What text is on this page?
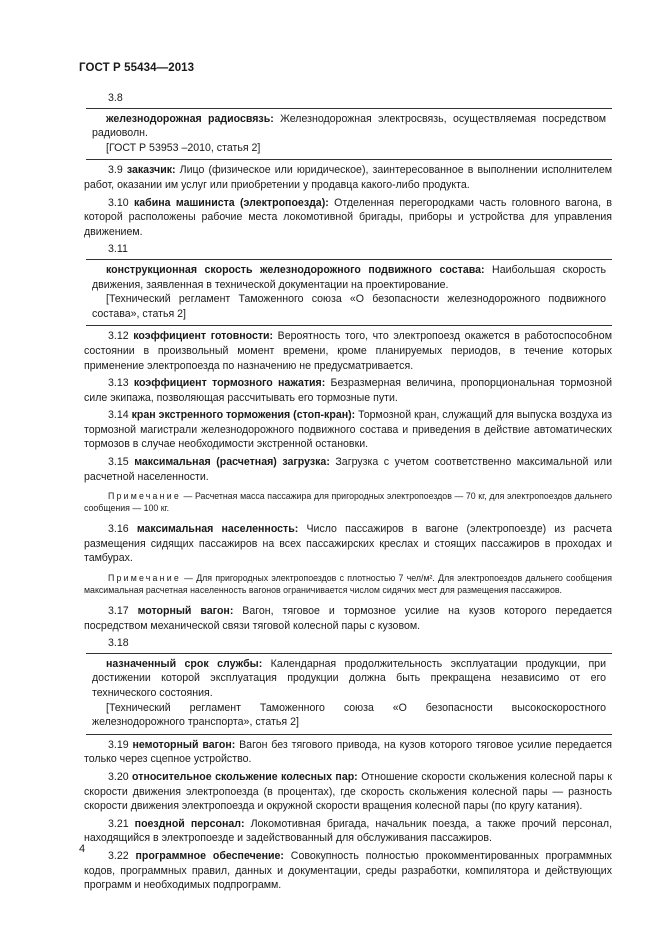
ГОСТ Р 55434—2013
3.8

железнодорожная радиосвязь: Железнодорожная электросвязь, осуществляемая посредством радиоволн.

[ГОСТ Р 53953 –2010, статья 2]

3.9 заказчик: Лицо (физическое или юридическое), заинтересованное в выполнении исполнителем работ, оказании им услуг или приобретении у продавца какого-либо продукта.

3.10 кабина машиниста (электропоезда): Отделенная перегородками часть головного вагона, в которой расположены рабочие места локомотивной бригады, приборы и устройства для управления движением.

3.11

конструкционная скорость железнодорожного подвижного состава: Наибольшая скорость движения, заявленная в технической документации на проектирование.

[Технический регламент Таможенного союза «О безопасности железнодорожного подвижного состава», статья 2]

3.12 коэффициент готовности: Вероятность того, что электропоезд окажется в работоспособном состоянии в произвольный момент времени, кроме планируемых периодов, в течение которых применение электропоезда по назначению не предусматривается.

3.13 коэффициент тормозного нажатия: Безразмерная величина, пропорциональная тормозной силе экипажа, позволяющая рассчитывать его тормозные пути.

3.14 кран экстренного торможения (стоп-кран): Тормозной кран, служащий для выпуска воздуха из тормозной магистрали железнодорожного подвижного состава и приведения в действие автоматических тормозов в случае необходимости экстренной остановки.

3.15 максимальная (расчетная) загрузка: Загрузка с учетом соответственно максимальной или расчетной населенности.

Примечание — Расчетная масса пассажира для пригородных электропоездов — 70 кг, для электропоездов дальнего сообщения — 100 кг.

3.16 максимальная населенность: Число пассажиров в вагоне (электропоезде) из расчета размещения сидящих пассажиров на всех пассажирских креслах и стоящих пассажиров в проходах и тамбурах.

Примечание — Для пригородных электропоездов с плотностью 7 чел/м². Для электропоездов дальнего сообщения максимальная расчетная населенность вагонов ограничивается числом сидячих мест для размещения пассажиров.

3.17 моторный вагон: Вагон, тяговое и тормозное усилие на кузов которого передается посредством механической связи тяговой колесной пары с кузовом.

3.18

назначенный срок службы: Календарная продолжительность эксплуатации продукции, при достижении которой эксплуатация продукции должна быть прекращена независимо от его технического состояния.

[Технический регламент Таможенного союза «О безопасности высокоскоростного железнодорожного транспорта», статья 2]

3.19 немоторный вагон: Вагон без тягового привода, на кузов которого тяговое усилие передается только через сцепное устройство.

3.20 относительное скольжение колесных пар: Отношение скорости скольжения колесной пары к скорости движения электропоезда (в процентах), где скорость скольжения колесной пары — разность скорости движения электропоезда и окружной скорости вращения колесной пары (по кругу катания).

3.21 поездной персонал: Локомотивная бригада, начальник поезда, а также прочий персонал, находящийся в электропоезде и задействованный для обслуживания пассажиров.

3.22 программное обеспечение: Совокупность полностью прокомментированных программных кодов, программных правил, данных и документации, среды разработки, компилятора и действующих программ и необходимых подпрограмм.

4
